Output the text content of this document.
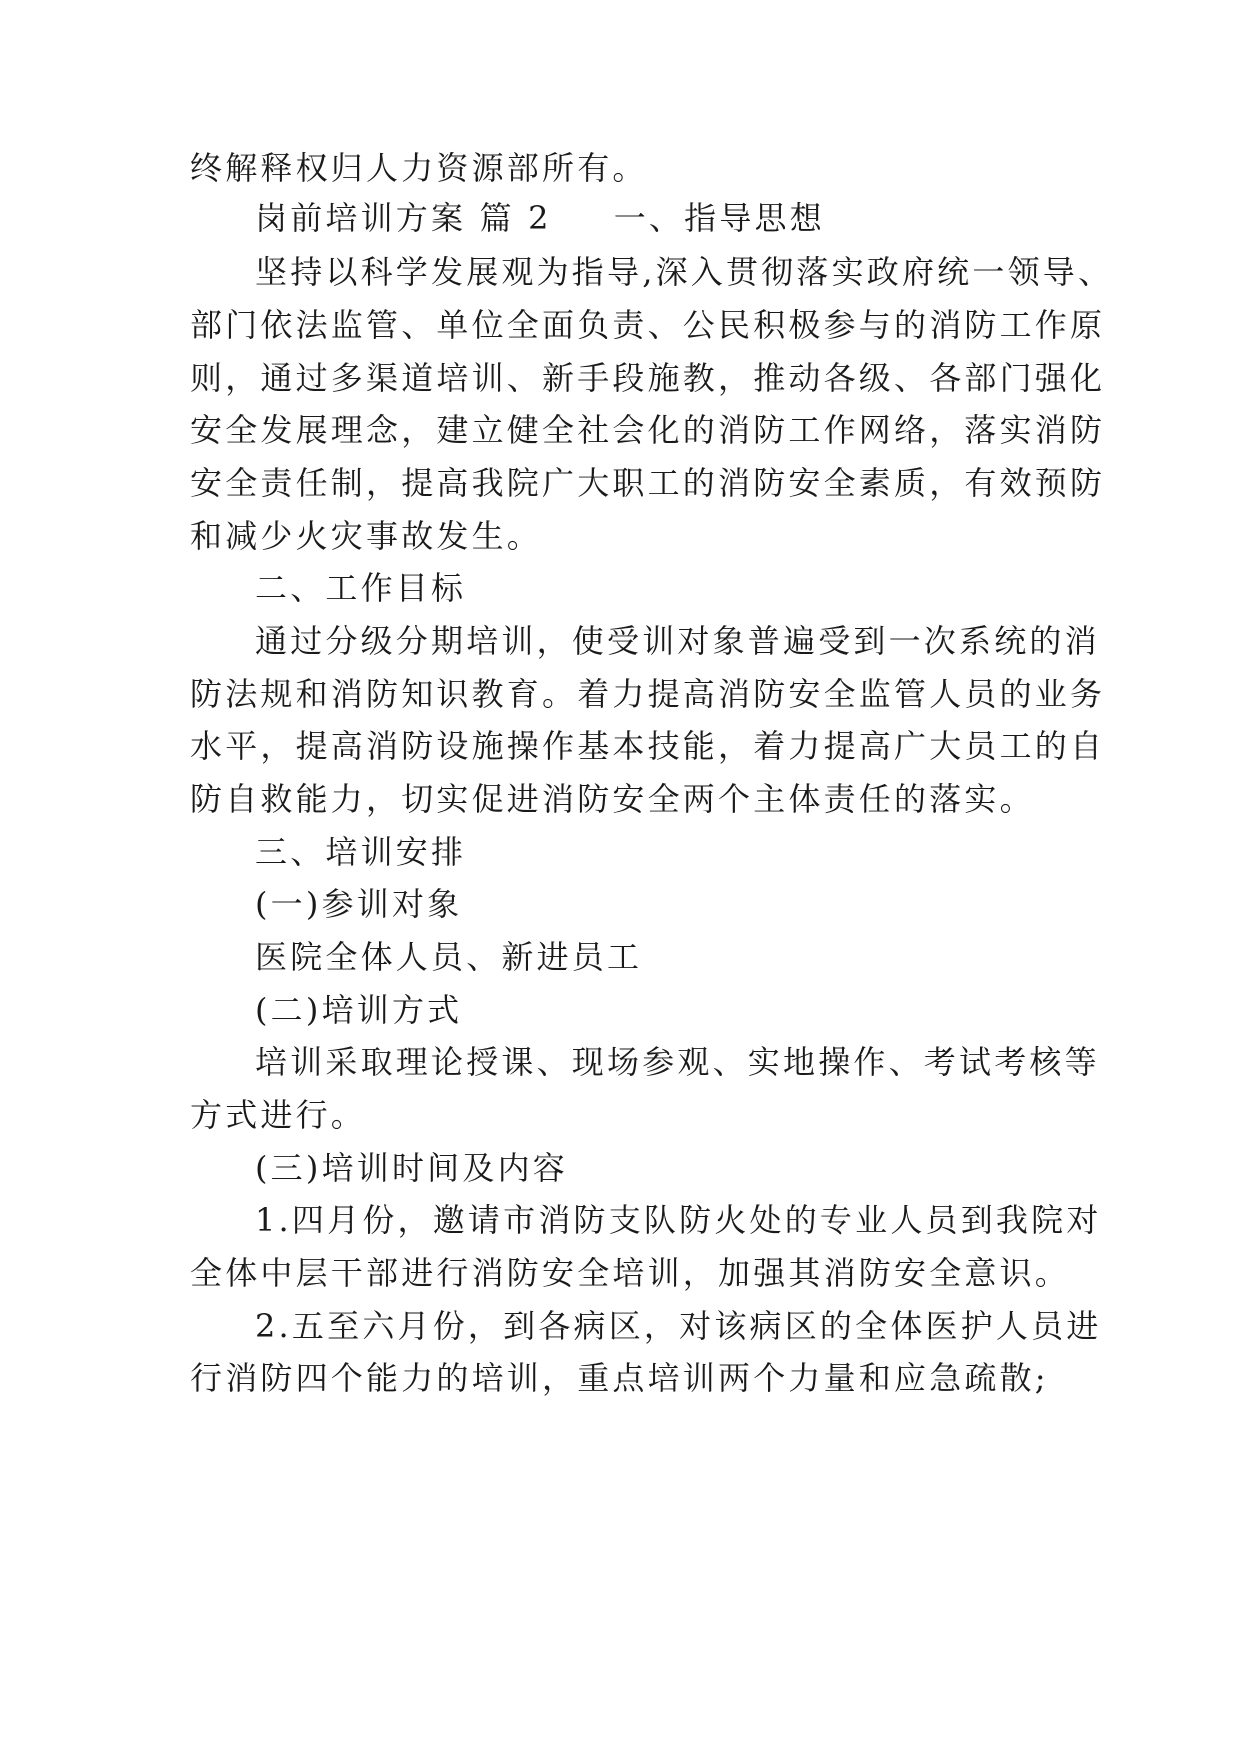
终解释权归人力资源部所有。
岗前培训方案 篇 2 一、指导思想
坚持以科学发展观为指导,深入贯彻落实政府统一领导、
部门依法监管、单位全面负责、公民积极参与的消防工作原
则，通过多渠道培训、新手段施教，推动各级、各部门强化
安全发展理念，建立健全社会化的消防工作网络，落实消防
安全责任制，提高我院广大职工的消防安全素质，有效预防
和减少火灾事故发生。
二、工作目标
通过分级分期培训，使受训对象普遍受到一次系统的消
防法规和消防知识教育。着力提高消防安全监管人员的业务
水平，提高消防设施操作基本技能，着力提高广大员工的自
防自救能力，切实促进消防安全两个主体责任的落实。
三、培训安排
(一)参训对象
医院全体人员、新进员工
(二)培训方式
培训采取理论授课、现场参观、实地操作、考试考核等
方式进行。
(三)培训时间及内容
1.四月份，邀请市消防支队防火处的专业人员到我院对
全体中层干部进行消防安全培训，加强其消防安全意识。
2.五至六月份，到各病区，对该病区的全体医护人员进
行消防四个能力的培训，重点培训两个力量和应急疏散;
